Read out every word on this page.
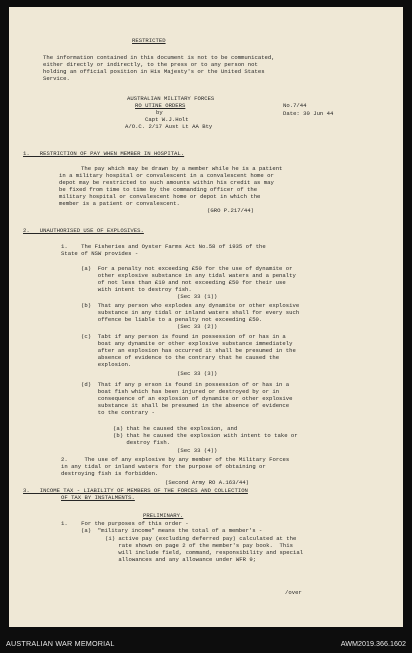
RESTRICTED
The information contained in this document is not to be communicated,
either directly or indirectly, to the press or to any person not
holding an official position in His Majesty's or the United States
Service.
AUSTRALIAN MILITARY FORCES
RO UTINE ORDERS
by
Capt W.J.Holt
A/O.C. 2/17 Aust Lt AA Bty
No.7/44
Date: 30 Jun 44
1.   RESTRICTION OF PAY WHEN MEMBER IN HOSPITAL.
The pay which may be drawn by a member while he is a patient
in a military hospital or convalescent in a convalescent home or
depot may be restricted to such amounts within his credit as may
be fixed from time to time by the commanding officer of the
military hospital or convalescent home or depot in which the
member is a patient or convalescent.
(GRO P.217/44)
2.   UNAUTHORISED USE OF EXPLOSIVES.
1.    The Fisheries and Oyster Farms Act No.58 of 1935 of the
State of NSW provides -
(a)  For a penalty not exceeding £50 for the use of dynamite or
other explosive substance in any tidal waters and a penalty
of not less than £10 and not exceeding £50 for their use
with intent to destroy fish.
(Sec 33 (1))
(b)  That any person who explodes any dynamite or other explosive
substance in any tidal or inland waters shall for every such
offence be liable to a penalty not exceeding £50.
(Sec 33 (2))
(c)  Tabt if any person is found in possession of or has in a
boat any dynamite or other explosive substance immediately
after an explosion has occurred it shall be presumed in the
absence of evidence to the contrary that he caused the
explosion.
(Sec 33 (3))
(d)  That if any p erson is found in possession of or has in a
boat fish which has been injured or destroyed by or in
consequence of an explosion of dynamite or other explosive
substance it shall be presumed in the absence of evidence
to the contrary -
(a) that he caused the explosion, and
(b) that he caused the explosion with intent to take or
destroy fish.
(Sec 33 (4))
2.     The use of any explosive by any member of the Military Forces
in any tidal or inland waters for the purpose of obtaining or
destroying fish is forbidden.
(Second Army RO A.163/44)
3.   INCOME TAX - LIABILITY OF MEMBERS OF THE FORCES AND COLLECTION
OF TAX BY INSTALMENTS.
PRELIMINARY.
1.    For the purposes of this order -
(a)  "military income" means the total of a member's -
(i) active pay (excluding deferred pay) calculated at the
rate shown on page 2 of the member's pay book.  This
will include field, command, responsibility and special
allowances and any allowance under WFR 9;
/over
AUSTRALIAN WAR MEMORIAL	AWM2019.366.1602
